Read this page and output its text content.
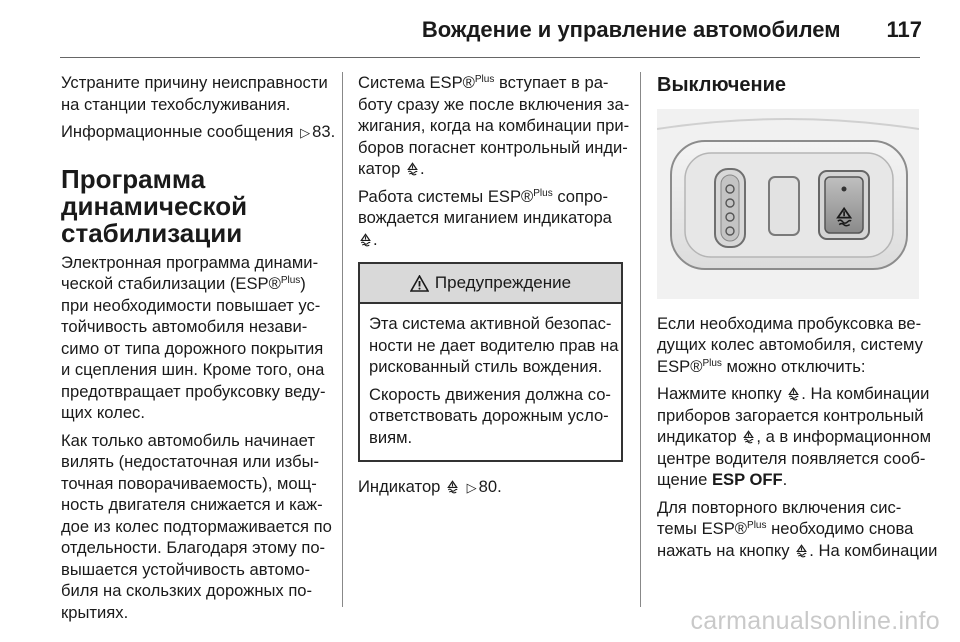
Вождение и управление автомобилем 117

Устраните причину неисправности
на станции техобслуживания.

Информационные сообщения ▷ 83.

Программа
динамической
стабилизации

Электронная программа динами-
ческой стабилизации (ESP®$^{Plus}$)
при необходимости повышает ус-
тойчивость автомобиля незави-
симо от типа дорожного покрытия
и сцепления шин. Кроме того, она
предотвращает пробуксовку веду-
щих колес.

Как только автомобиль начинает
вилять (недостаточная или избы-
точная поворачиваемость), мощ-
ность двигателя снижается и каж-
дое из колес подтормаживается по
отдельности. Благодаря этому по-
вышается устойчивость автомо-
биля на скользких дорожных по-
крытиях.

Система ESP®$^{Plus}$ вступает в ра-
боту сразу же после включения за-
жигания, когда на комбинации при-
боров погаснет контрольный инди-
катор .

Работа системы ESP®$^{Plus}$ сопро-
вождается миганием индикатора
.

Предупреждение

Эта система активной безопас-
ности не дает водителю прав на
рискованный стиль вождения.

Скорость движения должна со-
ответствовать дорожным усло-
виям.

Индикатор ▷ 80.

Выключение

Если необходима пробуксовка ве-
дущих колес автомобиля, систему
ESP®$^{Plus}$ можно отключить:

Нажмите кнопку . На комбинации
приборов загорается контрольный
индикатор , а в информационном
центре водителя появляется сооб-
щение ESP OFF.

Для повторного включения сис-
темы ESP®$^{Plus}$ необходимо снова
нажать на кнопку . На комбинации

carmanualsonline.info
